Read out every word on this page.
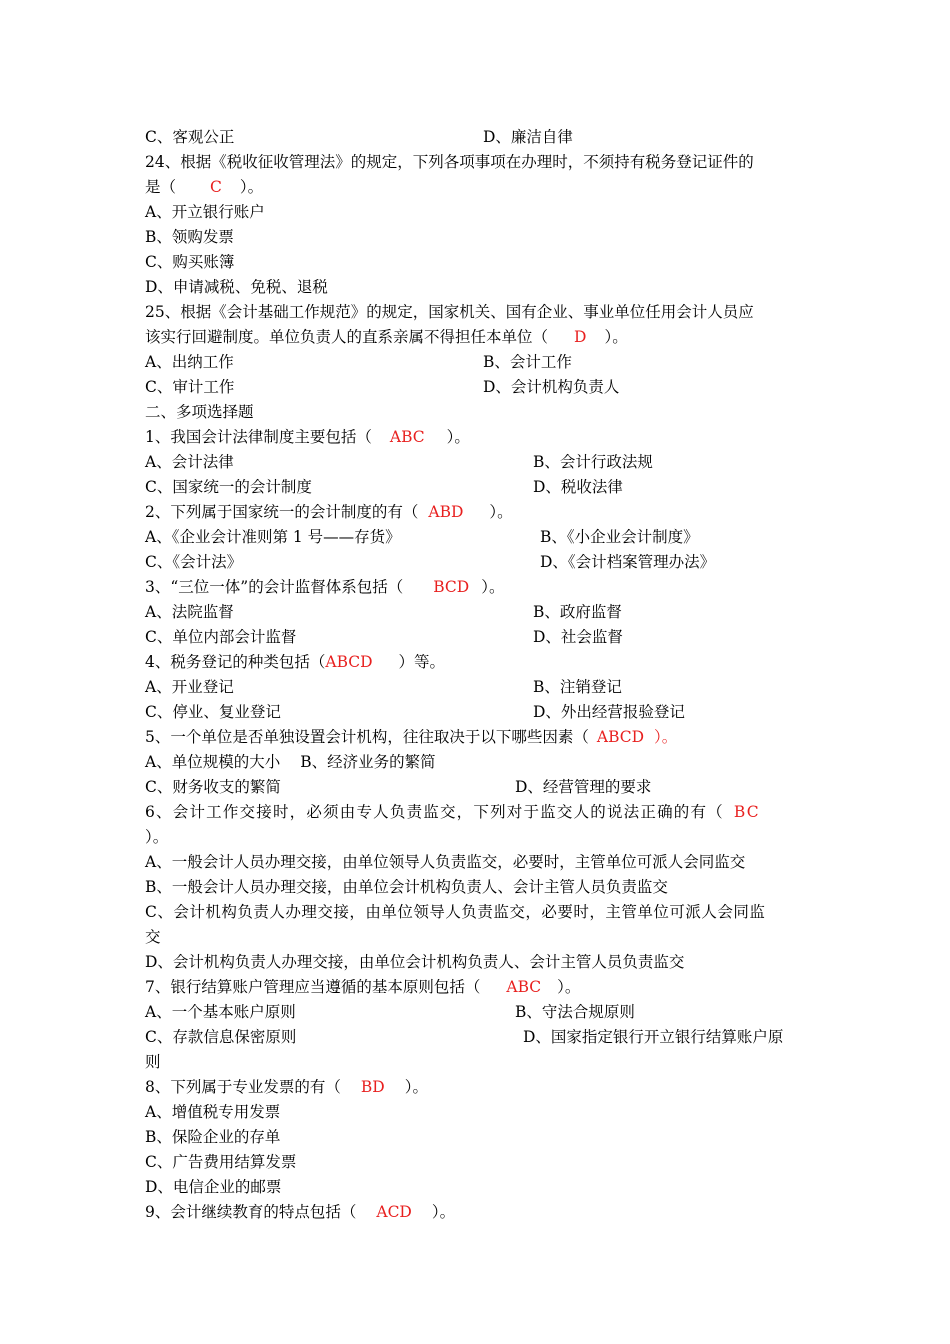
C、客观公正	D、廉洁自律
24、根据《税收征收管理法》的规定，下列各项事项在办理时，不须持有税务登记证件的
是（ C ）。
A、开立银行账户
B、领购发票
C、购买账簿
D、申请减税、免税、退税
25、根据《会计基础工作规范》的规定，国家机关、国有企业、事业单位任用会计人员应
该实行回避制度。单位负责人的直系亲属不得担任本单位（ D ）。
A、出纳工作	B、会计工作
C、审计工作	D、会计机构负责人
二、多项选择题
1、我国会计法律制度主要包括（ ABC ）。
A、会计法律	B、会计行政法规
C、国家统一的会计制度	D、税收法律
2、下列属于国家统一的会计制度的有（ ABD ）。
A、《企业会计准则第 1 号——存货》	B、《小企业会计制度》
C、《会计法》	D、《会计档案管理办法》
3、“三位一体”的会计监督体系包括（ BCD ）。
A、法院监督	B、政府监督
C、单位内部会计监督	D、社会监督
4、税务登记的种类包括（ABCD ）等。
A、开业登记	B、注销登记
C、停业、复业登记	D、外出经营报验登记
5、一个单位是否单独设置会计机构，往往取决于以下哪些因素（ ABCD ）。
A、单位规模的大小 B、经济业务的繁简
C、财务收支的繁简	D、经营管理的要求
6、会计工作交接时，必须由专人负责监交，下列对于监交人的说法正确的有（ BC
）。
A、一般会计人员办理交接，由单位领导人负责监交，必要时，主管单位可派人会同监交
B、一般会计人员办理交接，由单位会计机构负责人、会计主管人员负责监交
C、会计机构负责人办理交接，由单位领导人负责监交，必要时，主管单位可派人会同监
交
D、会计机构负责人办理交接，由单位会计机构负责人、会计主管人员负责监交
7、银行结算账户管理应当遵循的基本原则包括（ ABC ）。
A、一个基本账户原则	B、守法合规原则
C、存款信息保密原则	D、国家指定银行开立银行结算账户原
则
8、下列属于专业发票的有（ BD ）。
A、增值税专用发票
B、保险企业的存单
C、广告费用结算发票
D、电信企业的邮票
9、会计继续教育的特点包括（ ACD ）。
